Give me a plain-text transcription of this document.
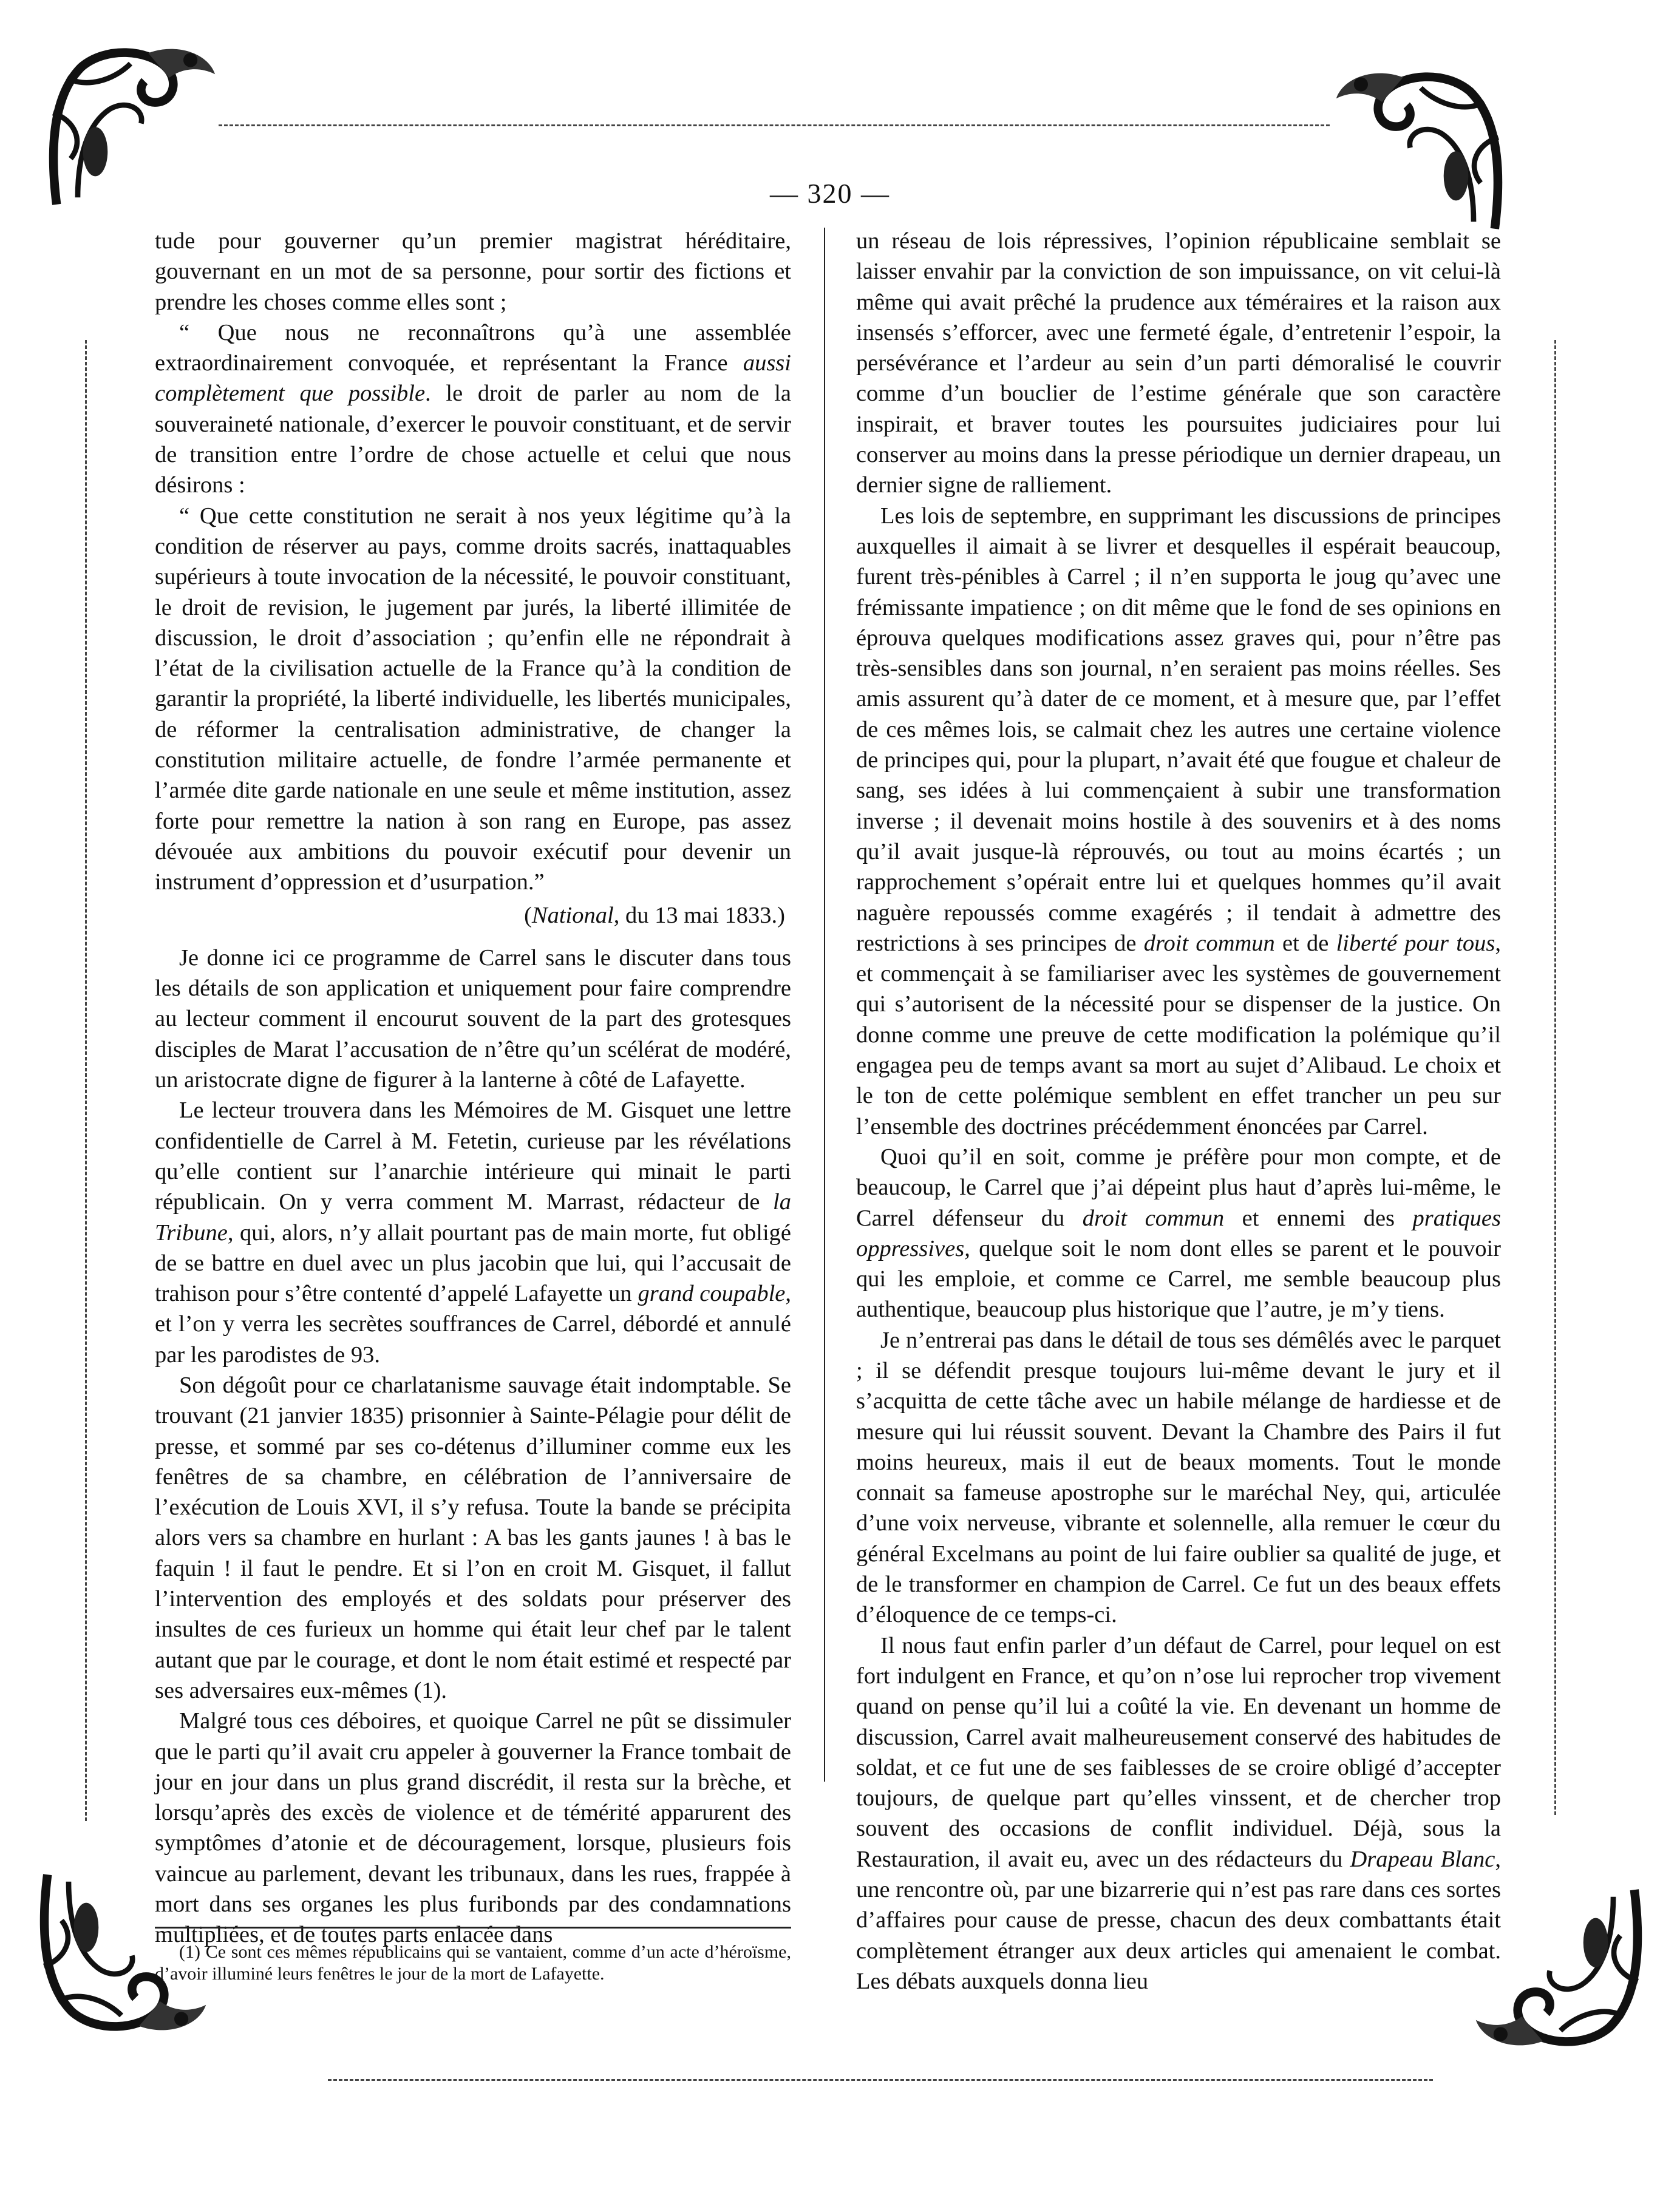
— 320 —

tude pour gouverner qu’un premier magistrat héréditaire, gouvernant en un mot de sa personne, pour sortir des fictions et prendre les choses comme elles sont ;

“ Que nous ne reconnaîtrons qu’à une assemblée extraordinairement convoquée, et représentant la France aussi complètement que possible. le droit de parler au nom de la souveraineté nationale, d’exercer le pouvoir constituant, et de servir de transition entre l’ordre de chose actuelle et celui que nous désirons :

“ Que cette constitution ne serait à nos yeux légitime qu’à la condition de réserver au pays, comme droits sacrés, inattaquables supérieurs à toute invocation de la nécessité, le pouvoir constituant, le droit de revision, le jugement par jurés, la liberté illimitée de discussion, le droit d’association ; qu’enfin elle ne répondrait à l’état de la civilisation actuelle de la France qu’à la condition de garantir la propriété, la liberté individuelle, les libertés municipales, de réformer la centralisation administrative, de changer la constitution militaire actuelle, de fondre l’armée permanente et l’armée dite garde nationale en une seule et même institution, assez forte pour remettre la nation à son rang en Europe, pas assez dévouée aux ambitions du pouvoir exécutif pour devenir un instrument d’oppression et d’usurpation.”

(National, du 13 mai 1833.)

Je donne ici ce programme de Carrel sans le discuter dans tous les détails de son application et uniquement pour faire comprendre au lecteur comment il encourut souvent de la part des grotesques disciples de Marat l’accusation de n’être qu’un scélérat de modéré, un aristocrate digne de figurer à la lanterne à côté de Lafayette.

Le lecteur trouvera dans les Mémoires de M. Gisquet une lettre confidentielle de Carrel à M. Fetetin, curieuse par les révélations qu’elle contient sur l’anarchie intérieure qui minait le parti républicain. On y verra comment M. Marrast, rédacteur de la Tribune, qui, alors, n’y allait pourtant pas de main morte, fut obligé de se battre en duel avec un plus jacobin que lui, qui l’accusait de trahison pour s’être contenté d’appelé Lafayette un grand coupable, et l’on y verra les secrètes souffrances de Carrel, débordé et annulé par les parodistes de 93.

Son dégoût pour ce charlatanisme sauvage était indomptable. Se trouvant (21 janvier 1835) prisonnier à Sainte-Pélagie pour délit de presse, et sommé par ses co-détenus d’illuminer comme eux les fenêtres de sa chambre, en célébration de l’anniversaire de l’exécution de Louis XVI, il s’y refusa. Toute la bande se précipita alors vers sa chambre en hurlant : A bas les gants jaunes ! à bas le faquin ! il faut le pendre. Et si l’on en croit M. Gisquet, il fallut l’intervention des employés et des soldats pour préserver des insultes de ces furieux un homme qui était leur chef par le talent autant que par le courage, et dont le nom était estimé et respecté par ses adversaires eux-mêmes (1).

Malgré tous ces déboires, et quoique Carrel ne pût se dissimuler que le parti qu’il avait cru appeler à gouverner la France tombait de jour en jour dans un plus grand discrédit, il resta sur la brèche, et lorsqu’après des excès de violence et de témérité apparurent des symptômes d’atonie et de découragement, lorsque, plusieurs fois vaincue au parlement, devant les tribunaux, dans les rues, frappée à mort dans ses organes les plus furibonds par des condamnations multipliées, et de toutes parts enlacée dans

(1) Ce sont ces mêmes républicains qui se vantaient, comme d’un acte d’héroïsme, d’avoir illuminé leurs fenêtres le jour de la mort de Lafayette.

un réseau de lois répressives, l’opinion républicaine semblait se laisser envahir par la conviction de son impuissance, on vit celui-là même qui avait prêché la prudence aux téméraires et la raison aux insensés s’efforcer, avec une fermeté égale, d’entretenir l’espoir, la persévérance et l’ardeur au sein d’un parti démoralisé le couvrir comme d’un bouclier de l’estime générale que son caractère inspirait, et braver toutes les poursuites judiciaires pour lui conserver au moins dans la presse périodique un dernier drapeau, un dernier signe de ralliement.

Les lois de septembre, en supprimant les discussions de principes auxquelles il aimait à se livrer et desquelles il espérait beaucoup, furent très-pénibles à Carrel ; il n’en supporta le joug qu’avec une frémissante impatience ; on dit même que le fond de ses opinions en éprouva quelques modifications assez graves qui, pour n’être pas très-sensibles dans son journal, n’en seraient pas moins réelles. Ses amis assurent qu’à dater de ce moment, et à mesure que, par l’effet de ces mêmes lois, se calmait chez les autres une certaine violence de principes qui, pour la plupart, n’avait été que fougue et chaleur de sang, ses idées à lui commençaient à subir une transformation inverse ; il devenait moins hostile à des souvenirs et à des noms qu’il avait jusque-là réprouvés, ou tout au moins écartés ; un rapprochement s’opérait entre lui et quelques hommes qu’il avait naguère repoussés comme exagérés ; il tendait à admettre des restrictions à ses principes de droit commun et de liberté pour tous, et commençait à se familiariser avec les systèmes de gouvernement qui s’autorisent de la nécessité pour se dispenser de la justice. On donne comme une preuve de cette modification la polémique qu’il engagea peu de temps avant sa mort au sujet d’Alibaud. Le choix et le ton de cette polémique semblent en effet trancher un peu sur l’ensemble des doctrines précédemment énoncées par Carrel.

Quoi qu’il en soit, comme je préfère pour mon compte, et de beaucoup, le Carrel que j’ai dépeint plus haut d’après lui-même, le Carrel défenseur du droit commun et ennemi des pratiques oppressives, quelque soit le nom dont elles se parent et le pouvoir qui les emploie, et comme ce Carrel, me semble beaucoup plus authentique, beaucoup plus historique que l’autre, je m’y tiens.

Je n’entrerai pas dans le détail de tous ses démêlés avec le parquet ; il se défendit presque toujours lui-même devant le jury et il s’acquitta de cette tâche avec un habile mélange de hardiesse et de mesure qui lui réussit souvent. Devant la Chambre des Pairs il fut moins heureux, mais il eut de beaux moments. Tout le monde connait sa fameuse apostrophe sur le maréchal Ney, qui, articulée d’une voix nerveuse, vibrante et solennelle, alla remuer le cœur du général Excelmans au point de lui faire oublier sa qualité de juge, et de le transformer en champion de Carrel. Ce fut un des beaux effets d’éloquence de ce temps-ci.

Il nous faut enfin parler d’un défaut de Carrel, pour lequel on est fort indulgent en France, et qu’on n’ose lui reprocher trop vivement quand on pense qu’il lui a coûté la vie. En devenant un homme de discussion, Carrel avait malheureusement conservé des habitudes de soldat, et ce fut une de ses faiblesses de se croire obligé d’accepter toujours, de quelque part qu’elles vinssent, et de chercher trop souvent des occasions de conflit individuel. Déjà, sous la Restauration, il avait eu, avec un des rédacteurs du Drapeau Blanc, une rencontre où, par une bizarrerie qui n’est pas rare dans ces sortes d’affaires pour cause de presse, chacun des deux combattants était complètement étranger aux deux articles qui amenaient le combat. Les débats auxquels donna lieu
